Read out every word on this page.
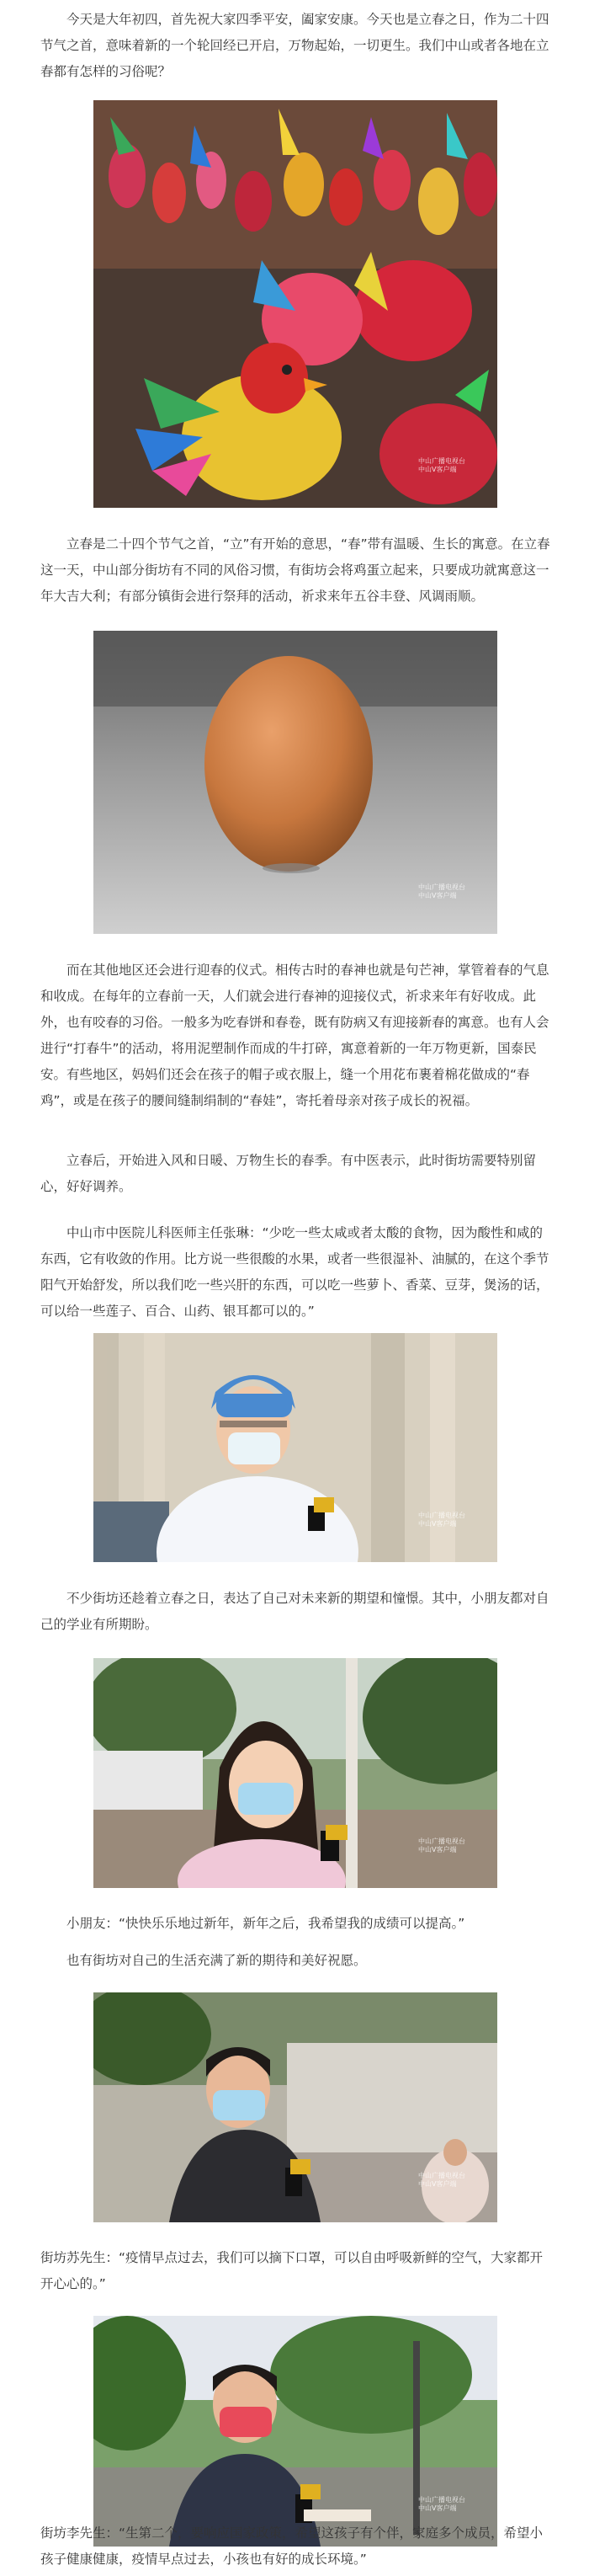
今天是大年初四，首先祝大家四季平安，阖家安康。今天也是立春之日，作为二十四节气之首，意味着新的一个轮回经已开启，万物起始，一切更生。我们中山或者各地在立春都有怎样的习俗呢？

中山广播电视台
中山V客户端

立春是二十四个节气之首，“立”有开始的意思，“春”带有温暖、生长的寓意。在立春这一天，中山部分街坊有不同的风俗习惯，有街坊会将鸡蛋立起来，只要成功就寓意这一年大吉大利；有部分镇街会进行祭拜的活动，祈求来年五谷丰登、风调雨顺。

中山广播电视台
中山V客户端

而在其他地区还会进行迎春的仪式。相传古时的春神也就是句芒神，掌管着春的气息和收成。在每年的立春前一天，人们就会进行春神的迎接仪式，祈求来年有好收成。此外，也有咬春的习俗。一般多为吃春饼和春卷，既有防病又有迎接新春的寓意。也有人会进行“打春牛”的活动，将用泥塑制作而成的牛打碎，寓意着新的一年万物更新，国泰民安。有些地区，妈妈们还会在孩子的帽子或衣服上，缝一个用花布裹着棉花做成的“春鸡”，或是在孩子的腰间缝制绢制的“春娃”，寄托着母亲对孩子成长的祝福。

立春后，开始进入风和日暖、万物生长的春季。有中医表示，此时街坊需要特别留心，好好调养。

中山市中医院儿科医师主任张琳：“少吃一些太咸或者太酸的食物，因为酸性和咸的东西，它有收敛的作用。比方说一些很酸的水果，或者一些很湿补、油腻的，在这个季节阳气开始舒发，所以我们吃一些兴肝的东西，可以吃一些萝卜、香菜、豆芽，煲汤的话，可以给一些莲子、百合、山药、银耳都可以的。”

中山广播电视台
中山V客户端

不少街坊还趁着立春之日，表达了自己对未来新的期望和憧憬。其中，小朋友都对自己的学业有所期盼。

中山广播电视台
中山V客户端

小朋友：“快快乐乐地过新年，新年之后，我希望我的成绩可以提高。”

也有街坊对自己的生活充满了新的期待和美好祝愿。

中山广播电视台
中山V客户端

街坊苏先生：“疫情早点过去，我们可以摘下口罩，可以自由呼吸新鲜的空气，大家都开开心心的。”

中山广播电视台
中山V客户端

街坊李先生：“生第二个，要响应国家政策，希望这孩子有个伴，家庭多个成员，希望小孩子健康健康，疫情早点过去，小孩也有好的成长环境。”
